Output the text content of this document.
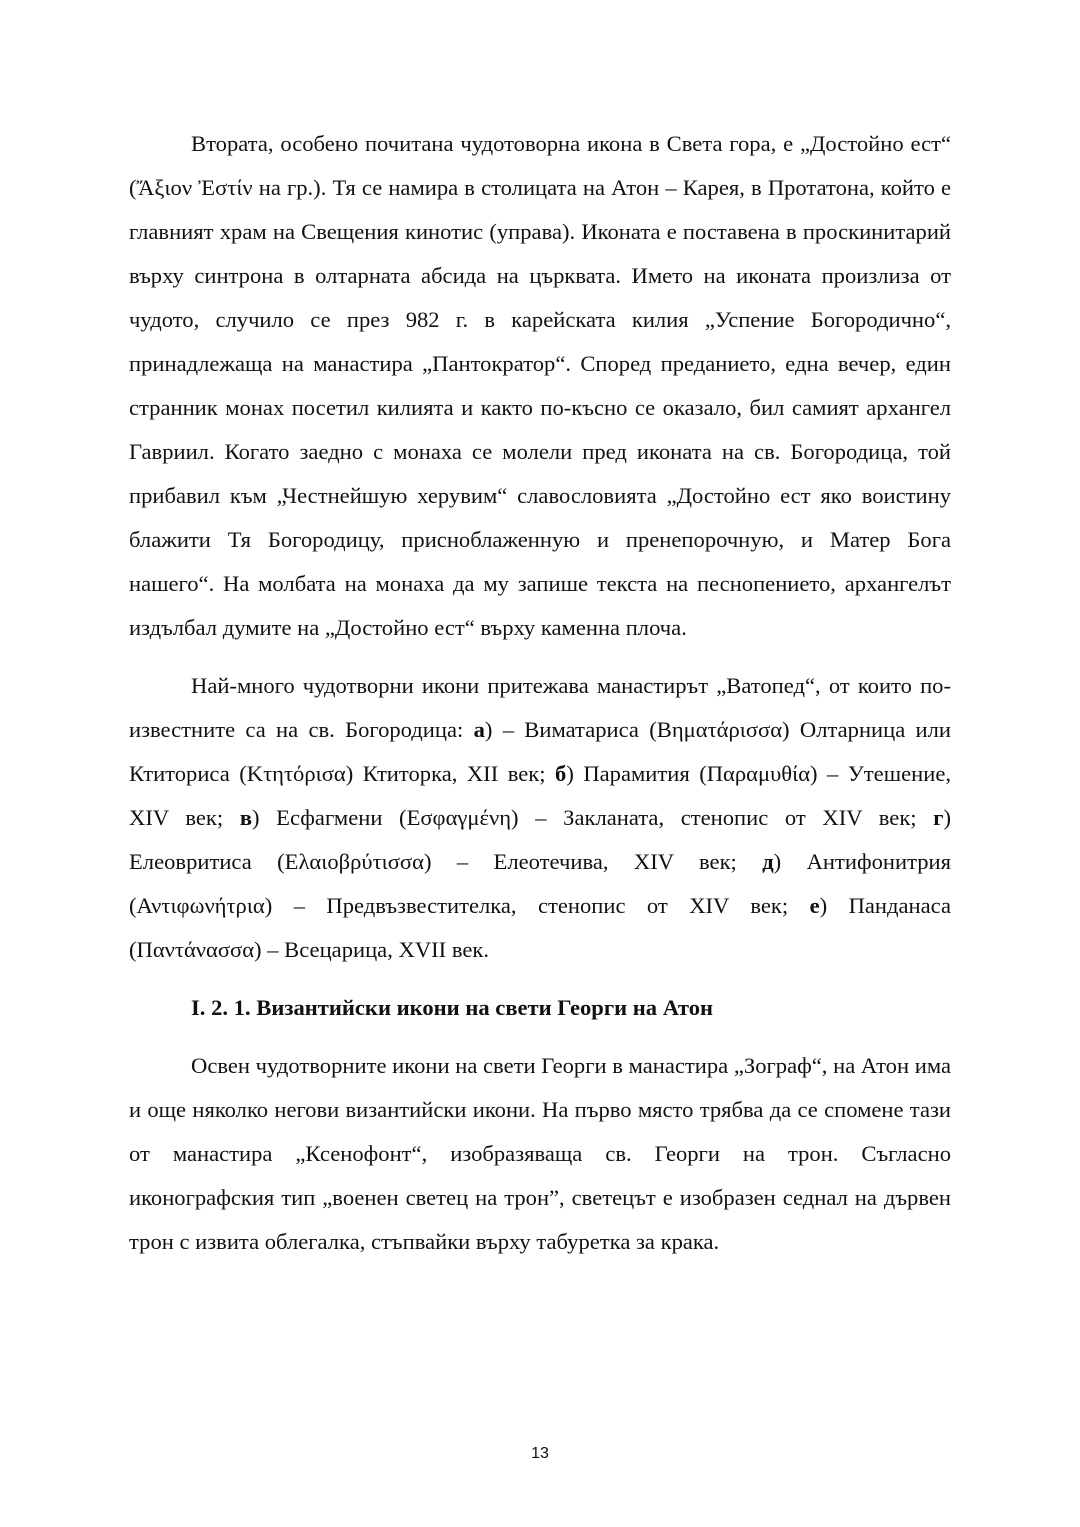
Втората, особено почитана чудотоворна икона в Света гора, е „Достойно ест“ (Ἄξιον Ἐστίν на гр.). Тя се намира в столицата на Атон – Карея, в Протатона, който е главният храм на Свещения кинотис (управа). Иконата е поставена в проскинитарий върху синтрона в олтарната абсида на църквата. Името на иконата произлиза от чудото, случило се през 982 г. в карейската килия „Успение Богородично“, принадлежаща на манастира „Пантократор“. Според преданието, една вечер, един странник монах посетил килията и както по-късно се оказало, бил самият архангел Гавриил. Когато заедно с монаха се молели пред иконата на св. Богородица, той прибавил към „Честнейшую херувим“ славословията „Достойно ест яко воистину блажити Тя Богородицу, присноблаженную и пренепорочную, и Матер Бога нашего“. На молбата на монаха да му запише текста на песнопението, архангелът издълбал думите на „Достойно ест“ върху каменна плоча.

Най-много чудотворни икони притежава манастирът „Ватопед“, от които по-известните са на св. Богородица: а) – Виматариса (Βηματάρισσα) Олтарница или Ктиториса (Κτητόρισα) Ктиторка, XII век; б) Парамития (Παραμυθία) – Утешение, XIV век; в) Есфагмени (Εσφαγμένη) – Заклaната, стенопис от XIV век; г) Елеовритиса (Ελαιοβρύτισσα) – Елеотечива, XIV век; д) Антифонитрия (Αντιφωνήτρια) – Предвъзвестителка, стенопис от XIV век; е) Панданаса (Παντάνασσα) – Всецарица, XVII век.

I. 2. 1. Византийски икони на свети Георги на Атон

Освен чудотворните икони на свети Георги в манастира „Зограф“, на Атон има и още няколко негови византийски икони. На първо място трябва да се спомене тази от манастира „Ксенофонт“, изобразяваща св. Георги на трон. Съгласно иконографския тип „военен светец на трон”, светецът е изобразен седнал на дървен трон с извита облегалка, стъпвайки върху табуретка за крака.

13
